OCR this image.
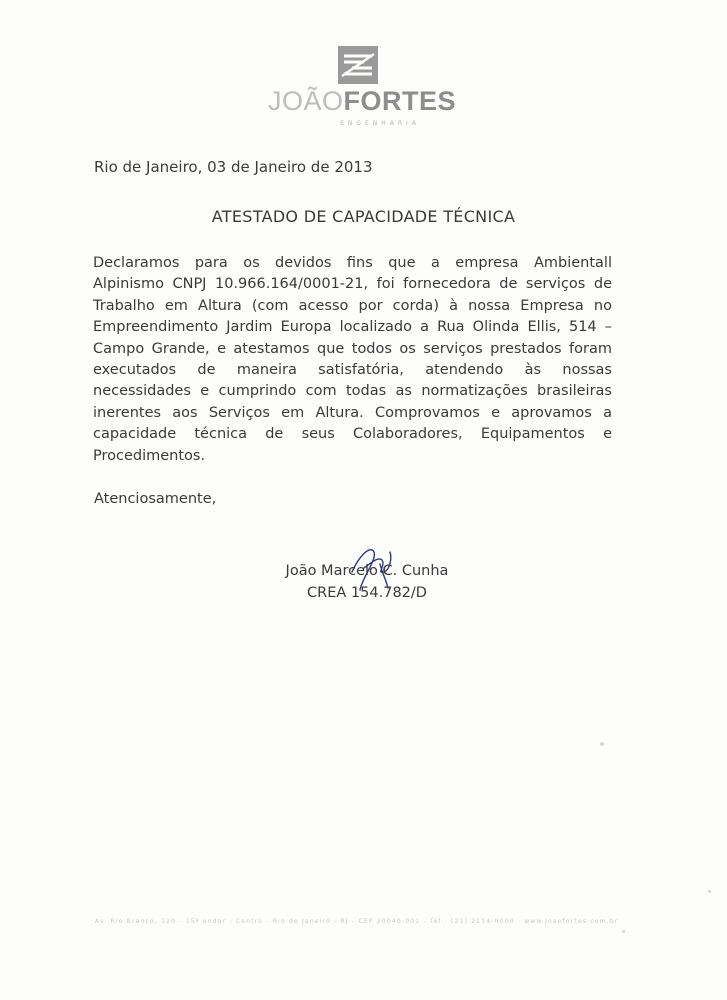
JOÃOFORTES
ENGENHARIA
Rio de Janeiro, 03 de Janeiro de 2013
ATESTADO DE CAPACIDADE TÉCNICA
Declaramos para os devidos fins que a empresa Ambientall
Alpinismo CNPJ 10.966.164/0001-21, foi fornecedora de serviços de
Trabalho em Altura (com acesso por corda) à nossa Empresa no
Empreendimento Jardim Europa localizado a Rua Olinda Ellis, 514 –
Campo Grande, e atestamos que todos os serviços prestados foram
executados de maneira satisfatória, atendendo às nossas
necessidades e cumprindo com todas as normatizações brasileiras
inerentes aos Serviços em Altura. Comprovamos e aprovamos a
capacidade técnica de seus Colaboradores, Equipamentos e
Procedimentos.
Atenciosamente,
João Marcelo C. Cunha
CREA 154.782/D
Av. Rio Branco, 120 - 15º andar - Centro - Rio de Janeiro - RJ - CEP 20040-001 - Tel.: (21) 2114-0000 - www.joaofortes.com.br
